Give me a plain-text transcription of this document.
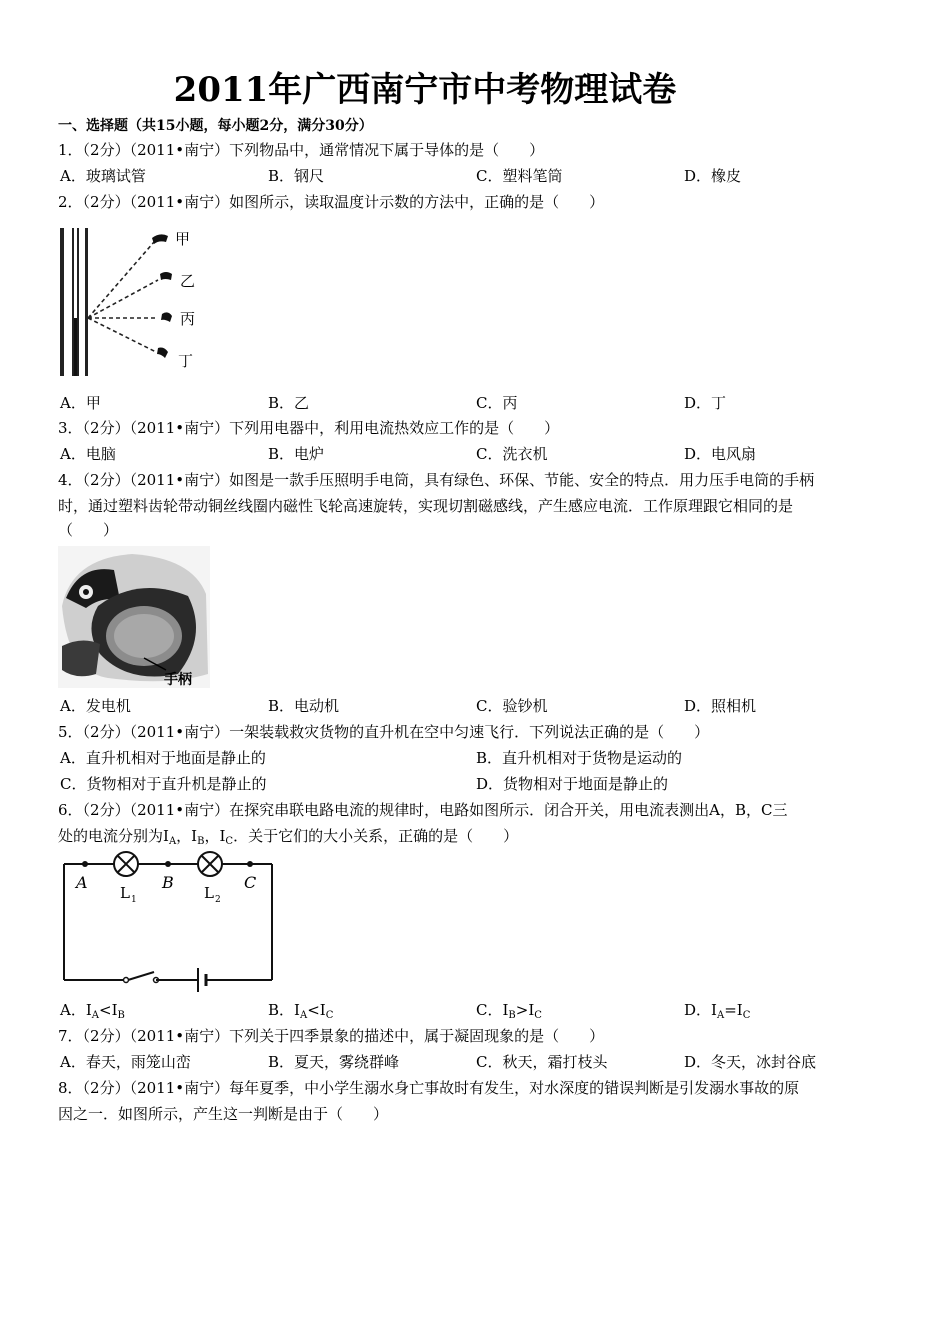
2011年广西南宁市中考物理试卷
一、选择题（共15小题，每小题2分，满分30分）
1．（2分）（2011•南宁）下列物品中，通常情况下属于导体的是（　　）
A．玻璃试管	B．钢尺	C．塑料笔筒	D．橡皮
2．（2分）（2011•南宁）如图所示，读取温度计示数的方法中，正确的是（　　）
甲
乙
丙
丁
A．甲	B．乙	C．丙	D．丁
3．（2分）（2011•南宁）下列用电器中，利用电流热效应工作的是（　　）
A．电脑	B．电炉	C．洗衣机	D．电风扇
4．（2分）（2011•南宁）如图是一款手压照明手电筒，具有绿色、环保、节能、安全的特点．用力压手电筒的手柄
时，通过塑料齿轮带动铜丝线圈内磁性飞轮高速旋转，实现切割磁感线，产生感应电流．工作原理跟它相同的是
（　　）
手柄
A．发电机	B．电动机	C．验钞机	D．照相机
5．（2分）（2011•南宁）一架装载救灾货物的直升机在空中匀速飞行．下列说法正确的是（　　）
A．直升机相对于地面是静止的	B．直升机相对于货物是运动的
C．货物相对于直升机是静止的	D．货物相对于地面是静止的
6．（2分）（2011•南宁）在探究串联电路电流的规律时，电路如图所示．闭合开关，用电流表测出A，B，C三
处的电流分别为$I_A$，$I_B$，$I_C$．关于它们的大小关系，正确的是（　　）
A	B	C
L 1	L 2
A．$I_A<I_B$	B．$I_A<I_C$	C．$I_B>I_C$	D．$I_A=I_C$
7．（2分）（2011•南宁）下列关于四季景象的描述中，属于凝固现象的是（　　）
A．春天，雨笼山峦	B．夏天，雾绕群峰	C．秋天，霜打枝头	D．冬天，冰封谷底
8．（2分）（2011•南宁）每年夏季，中小学生溺水身亡事故时有发生，对水深度的错误判断是引发溺水事故的原
因之一．如图所示，产生这一判断是由于（　　）
